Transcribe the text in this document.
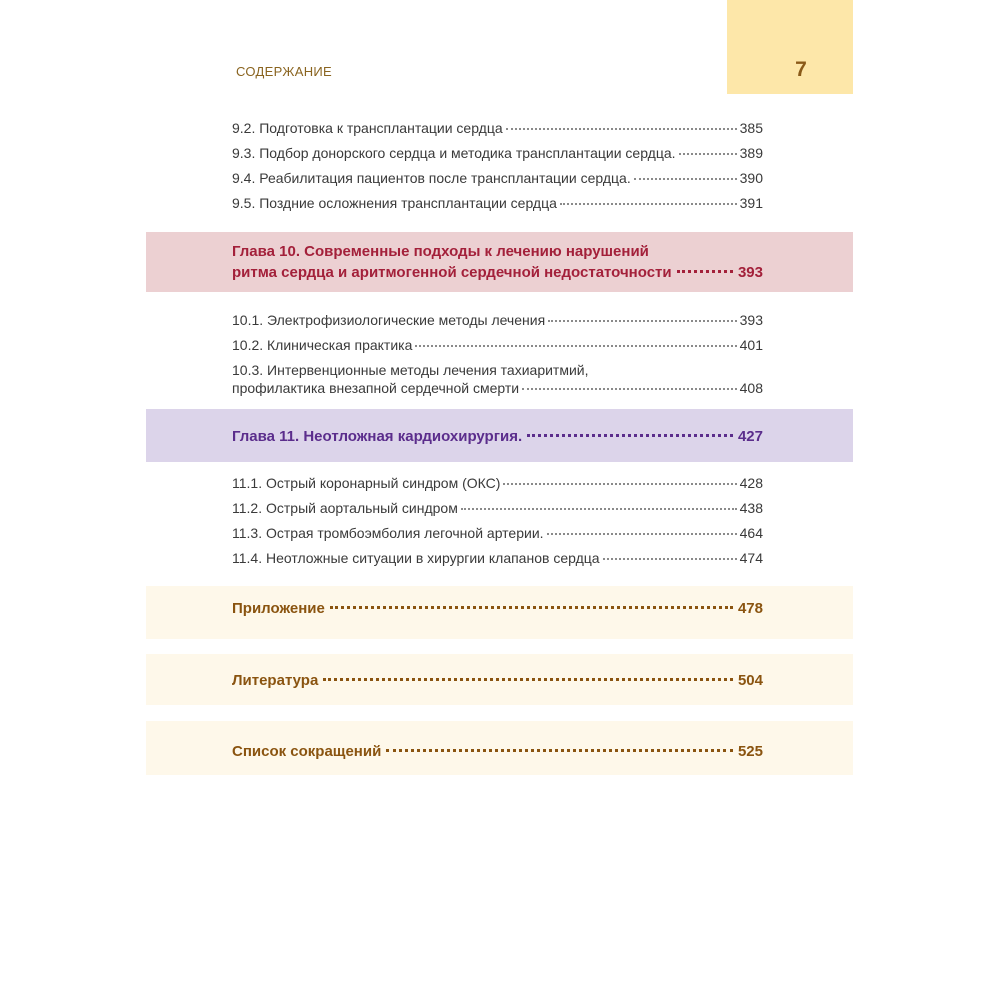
7
СОДЕРЖАНИЕ
9.2. Подготовка к трансплантации сердца	385
9.3. Подбор донорского сердца и методика трансплантации сердца.	389
9.4. Реабилитация пациентов после трансплантации сердца.	390
9.5. Поздние осложнения трансплантации сердца	391
Глава 10. Современные подходы к лечению нарушений
ритма сердца и аритмогенной сердечной недостаточности	393
10.1. Электрофизиологические методы лечения	393
10.2. Клиническая практика	401
10.3. Интервенционные методы лечения тахиаритмий,
профилактика внезапной сердечной смерти	408
Глава 11. Неотложная кардиохирургия.	427
11.1. Острый коронарный синдром (ОКС)	428
11.2. Острый аортальный синдром	438
11.3. Острая тромбоэмболия легочной артерии.	464
11.4. Неотложные ситуации в хирургии клапанов сердца	474
Приложение	478
Литература	504
Список сокращений	525
